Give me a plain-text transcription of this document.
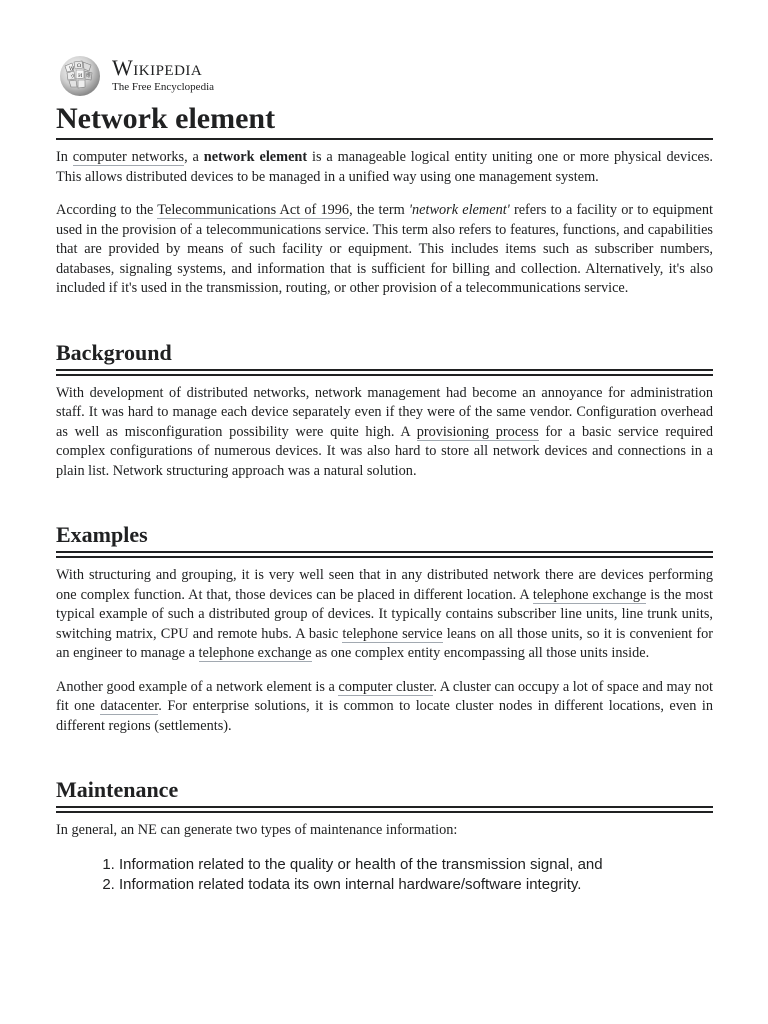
W Ω
И
ウ 维 Wikipedia
The Free Encyclopedia
Network element

In computer networks, a network element is a manageable logical entity uniting one or more physical devices. This allows distributed devices to be managed in a unified way using one management system.

According to the Telecommunications Act of 1996, the term 'network element' refers to a facility or to equipment used in the provision of a telecommunications service. This term also refers to features, functions, and capabilities that are provided by means of such facility or equipment. This includes items such as subscriber numbers, databases, signaling systems, and information that is sufficient for billing and collection. Alternatively, it's also included if it's used in the transmission, routing, or other provision of a telecommunications service.

Background

With development of distributed networks, network management had become an annoyance for administration staff. It was hard to manage each device separately even if they were of the same vendor. Configuration overhead as well as misconfiguration possibility were quite high. A provisioning process for a basic service required complex configurations of numerous devices. It was also hard to store all network devices and connections in a plain list. Network structuring approach was a natural solution.

Examples

With structuring and grouping, it is very well seen that in any distributed network there are devices performing one complex function. At that, those devices can be placed in different location. A telephone exchange is the most typical example of such a distributed group of devices. It typically contains subscriber line units, line trunk units, switching matrix, CPU and remote hubs. A basic telephone service leans on all those units, so it is convenient for an engineer to manage a telephone exchange as one complex entity encompassing all those units inside.

Another good example of a network element is a computer cluster. A cluster can occupy a lot of space and may not fit one datacenter. For enterprise solutions, it is common to locate cluster nodes in different locations, even in different regions (settlements).

Maintenance

In general, an NE can generate two types of maintenance information:

1. Information related to the quality or health of the transmission signal, and
2. Information related todata its own internal hardware/software integrity.
